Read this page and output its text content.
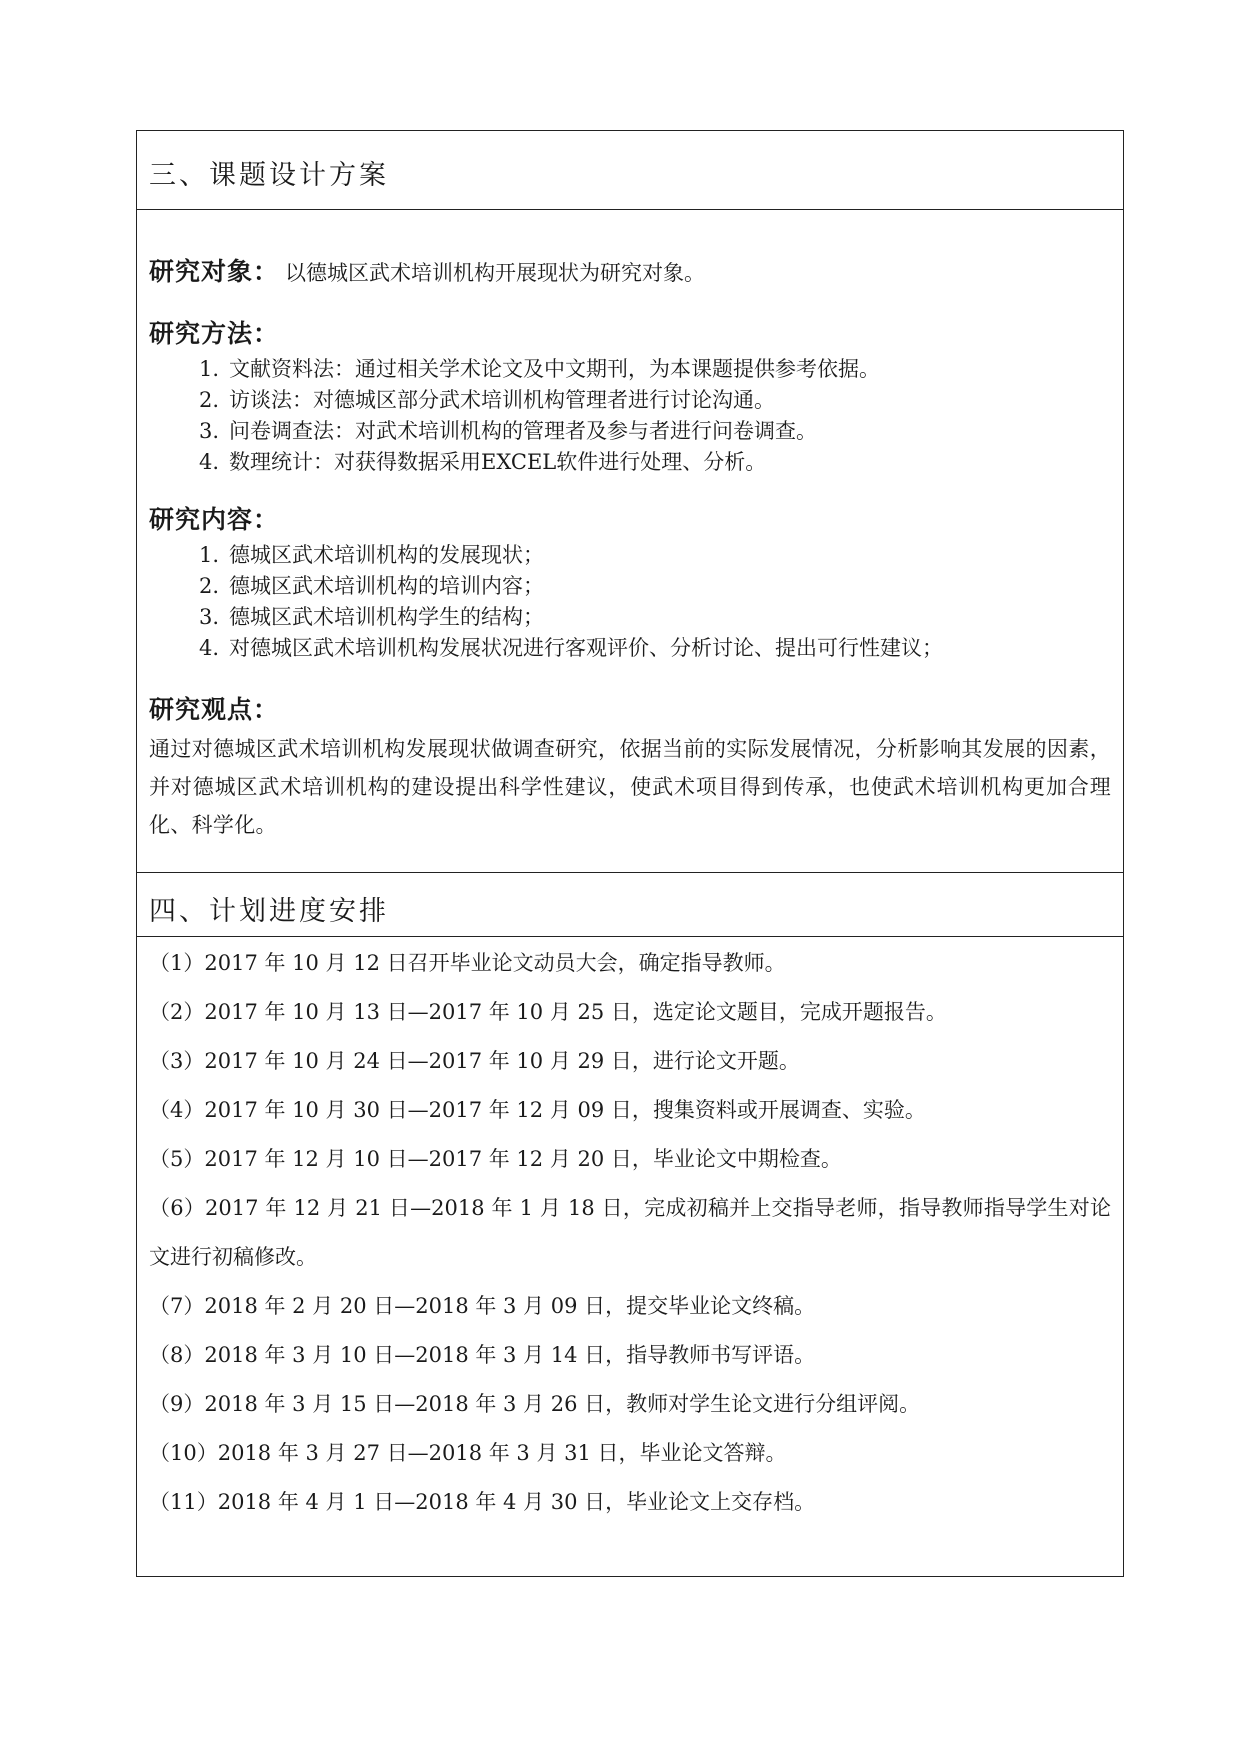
三、课题设计方案
研究对象： 以德城区武术培训机构开展现状为研究对象。
研究方法：
1. 文献资料法：通过相关学术论文及中文期刊，为本课题提供参考依据。
2. 访谈法：对德城区部分武术培训机构管理者进行讨论沟通。
3. 问卷调查法：对武术培训机构的管理者及参与者进行问卷调查。
4. 数理统计：对获得数据采用EXCEL软件进行处理、分析。
研究内容：
1. 德城区武术培训机构的发展现状；
2. 德城区武术培训机构的培训内容；
3. 德城区武术培训机构学生的结构；
4. 对德城区武术培训机构发展状况进行客观评价、分析讨论、提出可行性建议；
研究观点：
通过对德城区武术培训机构发展现状做调查研究，依据当前的实际发展情况，分析影响其发展的因素，并对德城区武术培训机构的建设提出科学性建议，使武术项目得到传承，也使武术培训机构更加合理化、科学化。
四、计划进度安排
（1）2017 年 10 月 12 日召开毕业论文动员大会，确定指导教师。
（2）2017 年 10 月 13 日—2017 年 10 月 25 日，选定论文题目，完成开题报告。
（3）2017 年 10 月 24 日—2017 年 10 月 29 日，进行论文开题。
（4）2017 年 10 月 30 日—2017 年 12 月 09 日，搜集资料或开展调查、实验。
（5）2017 年 12 月 10 日—2017 年 12 月 20 日，毕业论文中期检查。
（6）2017 年 12 月 21 日—2018 年 1 月 18 日，完成初稿并上交指导老师，指导教师指导学生对论文进行初稿修改。
（7）2018 年 2 月 20 日—2018 年 3 月 09 日，提交毕业论文终稿。
（8）2018 年 3 月 10 日—2018 年 3 月 14 日，指导教师书写评语。
（9）2018 年 3 月 15 日—2018 年 3 月 26 日，教师对学生论文进行分组评阅。
（10）2018 年 3 月 27 日—2018 年 3 月 31 日，毕业论文答辩。
（11）2018 年 4 月 1 日—2018 年 4 月 30 日，毕业论文上交存档。
